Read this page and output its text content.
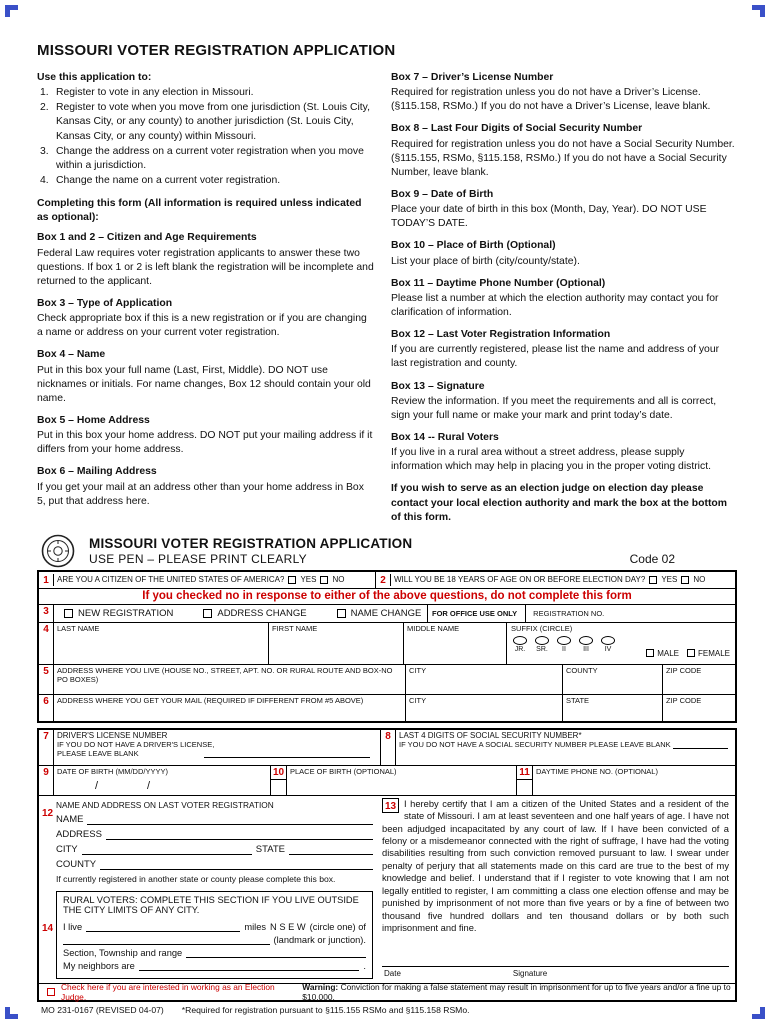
MISSOURI VOTER REGISTRATION APPLICATION
Use this application to:
1. Register to vote in any election in Missouri.
2. Register to vote when you move from one jurisdiction (St. Louis City, Kansas City, or any county) to another jurisdiction (St. Louis City, Kansas City, or any county) within Missouri.
3. Change the address on a current voter registration when you move within a jurisdiction.
4. Change the name on a current voter registration.
Completing this form (All information is required unless indicated as optional):
Box 1 and 2 – Citizen and Age Requirements
Federal Law requires voter registration applicants to answer these two questions. If box 1 or 2 is left blank the registration will be incomplete and returned to the applicant.
Box 3 – Type of Application
Check appropriate box if this is a new registration or if you are changing a name or address on your current voter registration.
Box 4 – Name
Put in this box your full name (Last, First, Middle). DO NOT use nicknames or initials. For name changes, Box 12 should contain your old name.
Box 5 – Home Address
Put in this box your home address. DO NOT put your mailing address if it differs from your home address.
Box 6 – Mailing Address
If you get your mail at an address other than your home address in Box 5, put that address here.
Box 7 – Driver’s License Number
Required for registration unless you do not have a Driver’s License. (§115.158, RSMo.) If you do not have a Driver’s License, leave blank.
Box 8 – Last Four Digits of Social Security Number
Required for registration unless you do not have a Social Security Number. (§115.155, RSMo, §115.158, RSMo.) If you do not have a Social Security Number, leave blank.
Box 9 – Date of Birth
Place your date of birth in this box (Month, Day, Year). DO NOT USE TODAY’S DATE.
Box 10 – Place of Birth (Optional)
List your place of birth (city/county/state).
Box 11 – Daytime Phone Number (Optional)
Please list a number at which the election authority may contact you for clarification of information.
Box 12 – Last Voter Registration Information
If you are currently registered, please list the name and address of your last registration and county.
Box 13 – Signature
Review the information. If you meet the requirements and all is correct, sign your full name or make your mark and print today’s date.
Box 14 -- Rural Voters
If you live in a rural area without a street address, please supply information which may help in placing you in the proper voting district.
If you wish to serve as an election judge on election day please contact your local election authority and mark the box at the bottom of this form.
MISSOURI VOTER REGISTRATION APPLICATION
USE PEN – PLEASE PRINT CLEARLY	Code 02
1	ARE YOU A CITIZEN OF THE UNITED STATES OF AMERICA? YES NO	2	WILL YOU BE 18 YEARS OF AGE ON OR BEFORE ELECTION DAY? YES NO
If you checked no in response to either of the above questions, do not complete this form
3	NEW REGISTRATION	ADDRESS CHANGE	NAME CHANGE	FOR OFFICE USE ONLY	REGISTRATION NO.
4	LAST NAME	FIRST NAME	MIDDLE NAME	SUFFIX (CIRCLE)
JR. SR. II III IV	MALE FEMALE
5	ADDRESS WHERE YOU LIVE (HOUSE NO., STREET, APT. NO. OR RURAL ROUTE AND BOX-NO PO BOXES)
CITY	COUNTY	ZIP CODE
6	ADDRESS WHERE YOU GET YOUR MAIL (REQUIRED IF DIFFERENT FROM #5 ABOVE)	CITY	STATE	ZIP CODE
7	DRIVER'S LICENSE NUMBER
IF YOU DO NOT HAVE A DRIVER'S LICENSE,
PLEASE LEAVE BLANK
8	LAST 4 DIGITS OF SOCIAL SECURITY NUMBER*
IF YOU DO NOT HAVE A SOCIAL SECURITY NUMBER PLEASE LEAVE BLANK
9	DATE OF BIRTH (MM/DD/YYYY)
/                /
10 PLACE OF BIRTH (OPTIONAL)	11 DAYTIME PHONE NO. (OPTIONAL)
12
NAME AND ADDRESS ON LAST VOTER REGISTRATION
NAME
ADDRESS
CITY	STATE
COUNTY
If currently registered in another state or county please complete this box.
14
RURAL VOTERS: COMPLETE THIS SECTION IF YOU LIVE OUTSIDE THE CITY LIMITS OF ANY CITY.
I live	miles N S E W (circle one) of
(landmark or junction).
Section, Township and range
My neighbors are	.
13 I hereby certify that I am a citizen of the United States and a resident of the state of Missouri. I am at least seventeen and one half years of age. I have not been adjudged incapacitated by any court of law. If I have been convicted of a felony or a misdemeanor connected with the right of suffrage, I have had the voting disabilities resulting from such conviction removed pursuant to law. I swear under penalty of perjury that all statements made on this card are true to the best of my knowledge and belief. I understand that if I register to vote knowing that I am not legally entitled to register, I am committing a class one election offense and may be punished by imprisonment of not more than five years or by a fine of between two thousand five hundred dollars and ten thousand dollars or by both such imprisonment and fine.
Date	Signature
Check here if you are interested in working as an Election Judge.
Warning: Conviction for making a false statement may result in imprisonment for up to five years and/or a fine up to $10,000.
MO 231-0167 (REVISED 04-07) *Required for registration pursuant to §115.155 RSMo and §115.158 RSMo.
